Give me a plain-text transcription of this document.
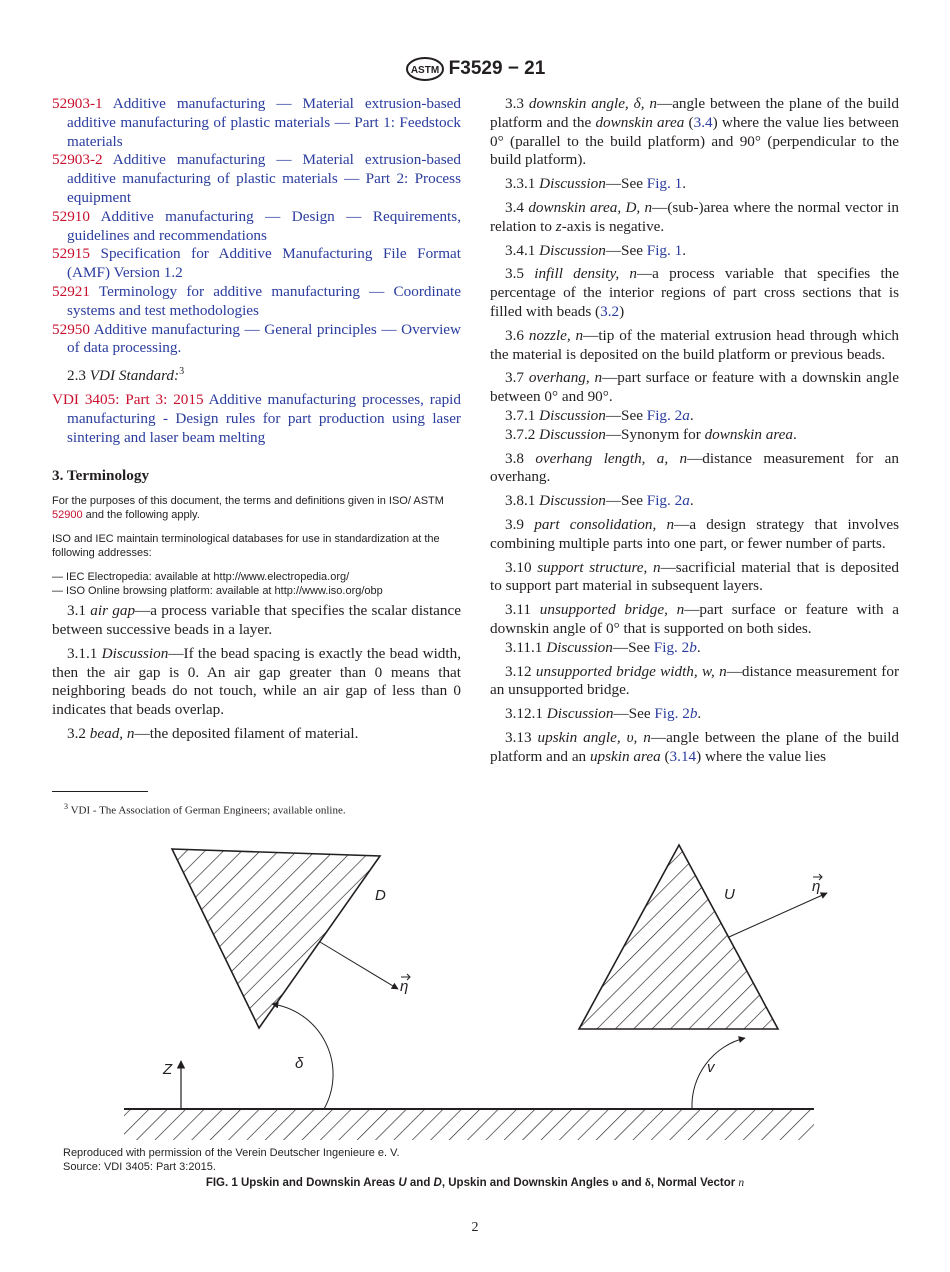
ASTM F3529 − 21

52903-1 Additive manufacturing — Material extrusion-based additive manufacturing of plastic materials — Part 1: Feedstock materials

52903-2 Additive manufacturing — Material extrusion-based additive manufacturing of plastic materials — Part 2: Process equipment

52910 Additive manufacturing — Design — Requirements, guidelines and recommendations

52915 Specification for Additive Manufacturing File Format (AMF) Version 1.2

52921 Terminology for additive manufacturing — Coordinate systems and test methodologies

52950 Additive manufacturing — General principles — Overview of data processing.

2.3 VDI Standard:$^3$

VDI 3405: Part 3: 2015 Additive manufacturing processes, rapid manufacturing - Design rules for part production using laser sintering and laser beam melting

3. Terminology

For the purposes of this document, the terms and definitions given in ISO/ ASTM 52900 and the following apply.

ISO and IEC maintain terminological databases for use in standardization at the following addresses:

— IEC Electropedia: available at http://www.electropedia.org/
— ISO Online browsing platform: available at http://www.iso.org/obp

3.1 air gap—a process variable that specifies the scalar distance between successive beads in a layer.

3.1.1 Discussion—If the bead spacing is exactly the bead width, then the air gap is 0. An air gap greater than 0 means that neighboring beads do not touch, while an air gap of less than 0 indicates that beads overlap.

3.2 bead, n—the deposited filament of material.

3.3 downskin angle, δ, n—angle between the plane of the build platform and the downskin area (3.4) where the value lies between 0° (parallel to the build platform) and 90° (perpendicular to the build platform).

3.3.1 Discussion—See Fig. 1.

3.4 downskin area, D, n—(sub-)area where the normal vector in relation to z-axis is negative.

3.4.1 Discussion—See Fig. 1.

3.5 infill density, n—a process variable that specifies the percentage of the interior regions of part cross sections that is filled with beads (3.2)

3.6 nozzle, n—tip of the material extrusion head through which the material is deposited on the build platform or previous beads.

3.7 overhang, n—part surface or feature with a downskin angle between 0° and 90°.

3.7.1 Discussion—See Fig. 2a.

3.7.2 Discussion—Synonym for downskin area.

3.8 overhang length, a, n—distance measurement for an overhang.

3.8.1 Discussion—See Fig. 2a.

3.9 part consolidation, n—a design strategy that involves combining multiple parts into one part, or fewer number of parts.

3.10 support structure, n—sacrificial material that is deposited to support part material in subsequent layers.

3.11 unsupported bridge, n—part surface or feature with a downskin angle of 0° that is supported on both sides.

3.11.1 Discussion—See Fig. 2b.

3.12 unsupported bridge width, w, n—distance measurement for an unsupported bridge.

3.12.1 Discussion—See Fig. 2b.

3.13 upskin angle, υ, n—angle between the plane of the build platform and an upskin area (3.14) where the value lies

$^3$ VDI - The Association of German Engineers; available online.
D	U
η
η
Z	δ	v
Reproduced with permission of the Verein Deutscher Ingenieure e. V.
Source: VDI 3405: Part 3:2015.
FIG. 1 Upskin and Downskin Areas U and D, Upskin and Downskin Angles υ and δ, Normal Vector n
2
